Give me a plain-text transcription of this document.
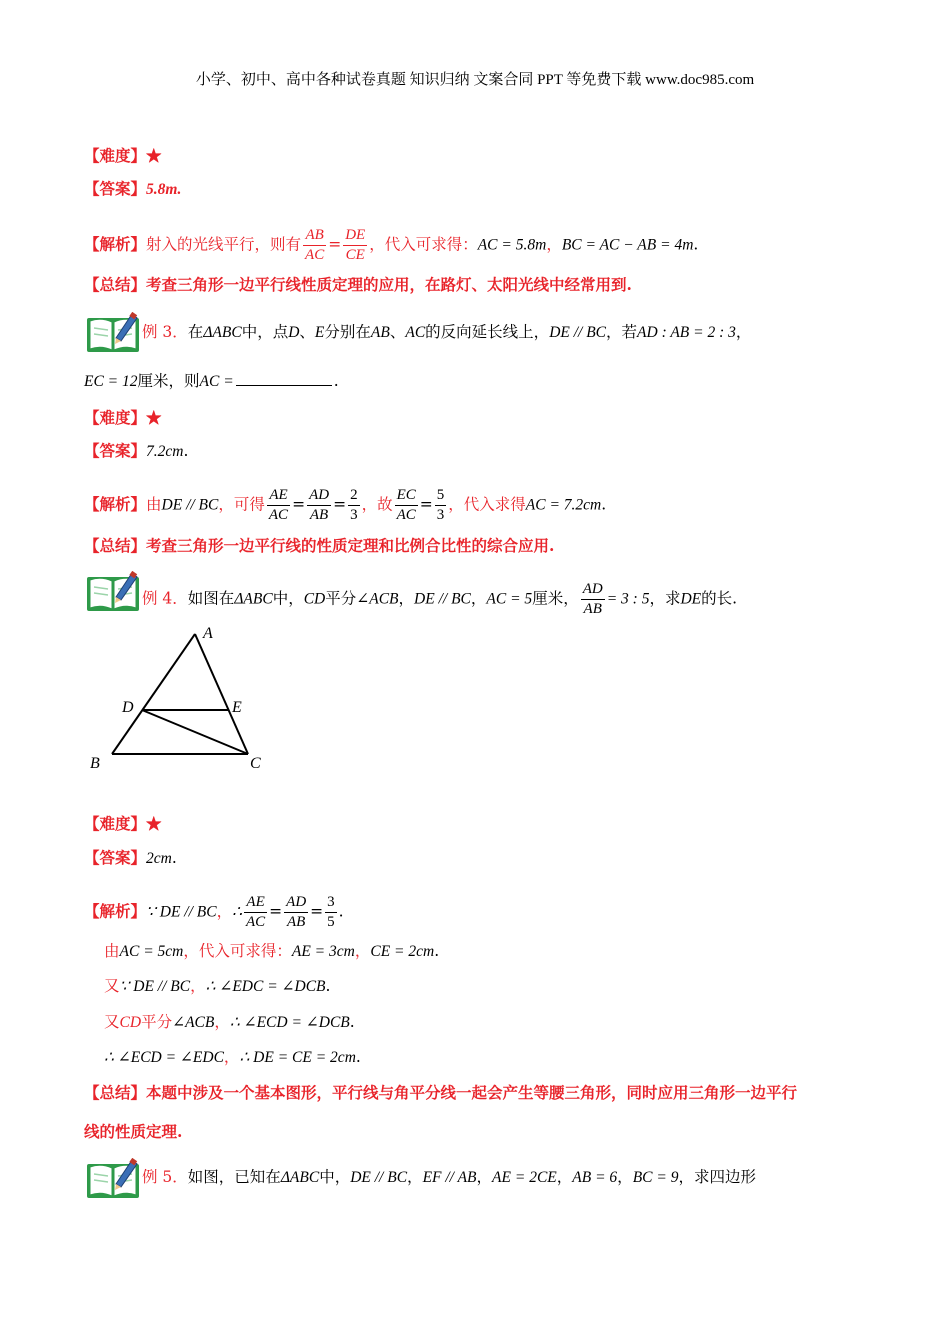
小学、初中、高中各种试卷真题 知识归纳 文案合同 PPT 等免费下载 www.doc985.com
【难度】★
【答案】5.8m.
【解析】射入的光线平行，则有 $\frac{AB}{AC} = \frac{DE}{CE}$ ，代入可求得：AC = 5.8m，BC = AC − AB = 4m.
【总结】考查三角形一边平行线性质定理的应用，在路灯、太阳光线中经常用到.
例 3．在ΔABC中，点D、E分别在AB、AC的反向延长线上，DE // BC，若AD : AB = 2 : 3，
EC = 12厘米，则AC =	.
【难度】★
【答案】7.2cm.
【解析】由DE // BC，可得 $\frac{AE}{AC} = \frac{AD}{AB} = \frac{2}{3}$ ，故 $\frac{EC}{AC} = \frac{5}{3}$ ，代入求得AC = 7.2cm.
【总结】考查三角形一边平行线的性质定理和比例合比性的综合应用.
例 4．如图在ΔABC中，CD平分∠ACB，DE // BC，AC = 5厘米， $\frac{AD}{AB} = 3$ : 5，求DE的长.
A
B	C
D	E
【难度】★
【答案】2cm.
【解析】∵ DE // BC，∴ $\frac{AE}{AC} = \frac{AD}{AB} = \frac{3}{5}$ .
由AC = 5cm，代入可求得：AE = 3cm，CE = 2cm.
又∵ DE // BC，∴ ∠EDC = ∠DCB.
又CD平分∠ACB，∴ ∠ECD = ∠DCB.
∴ ∠ECD = ∠EDC，∴ DE = CE = 2cm.
【总结】本题中涉及一个基本图形，平行线与角平分线一起会产生等腰三角形，同时应用三角形一边平行
线的性质定理.
例 5．如图，已知在ΔABC中，DE // BC，EF // AB，AE = 2CE，AB = 6，BC = 9，求四边形
